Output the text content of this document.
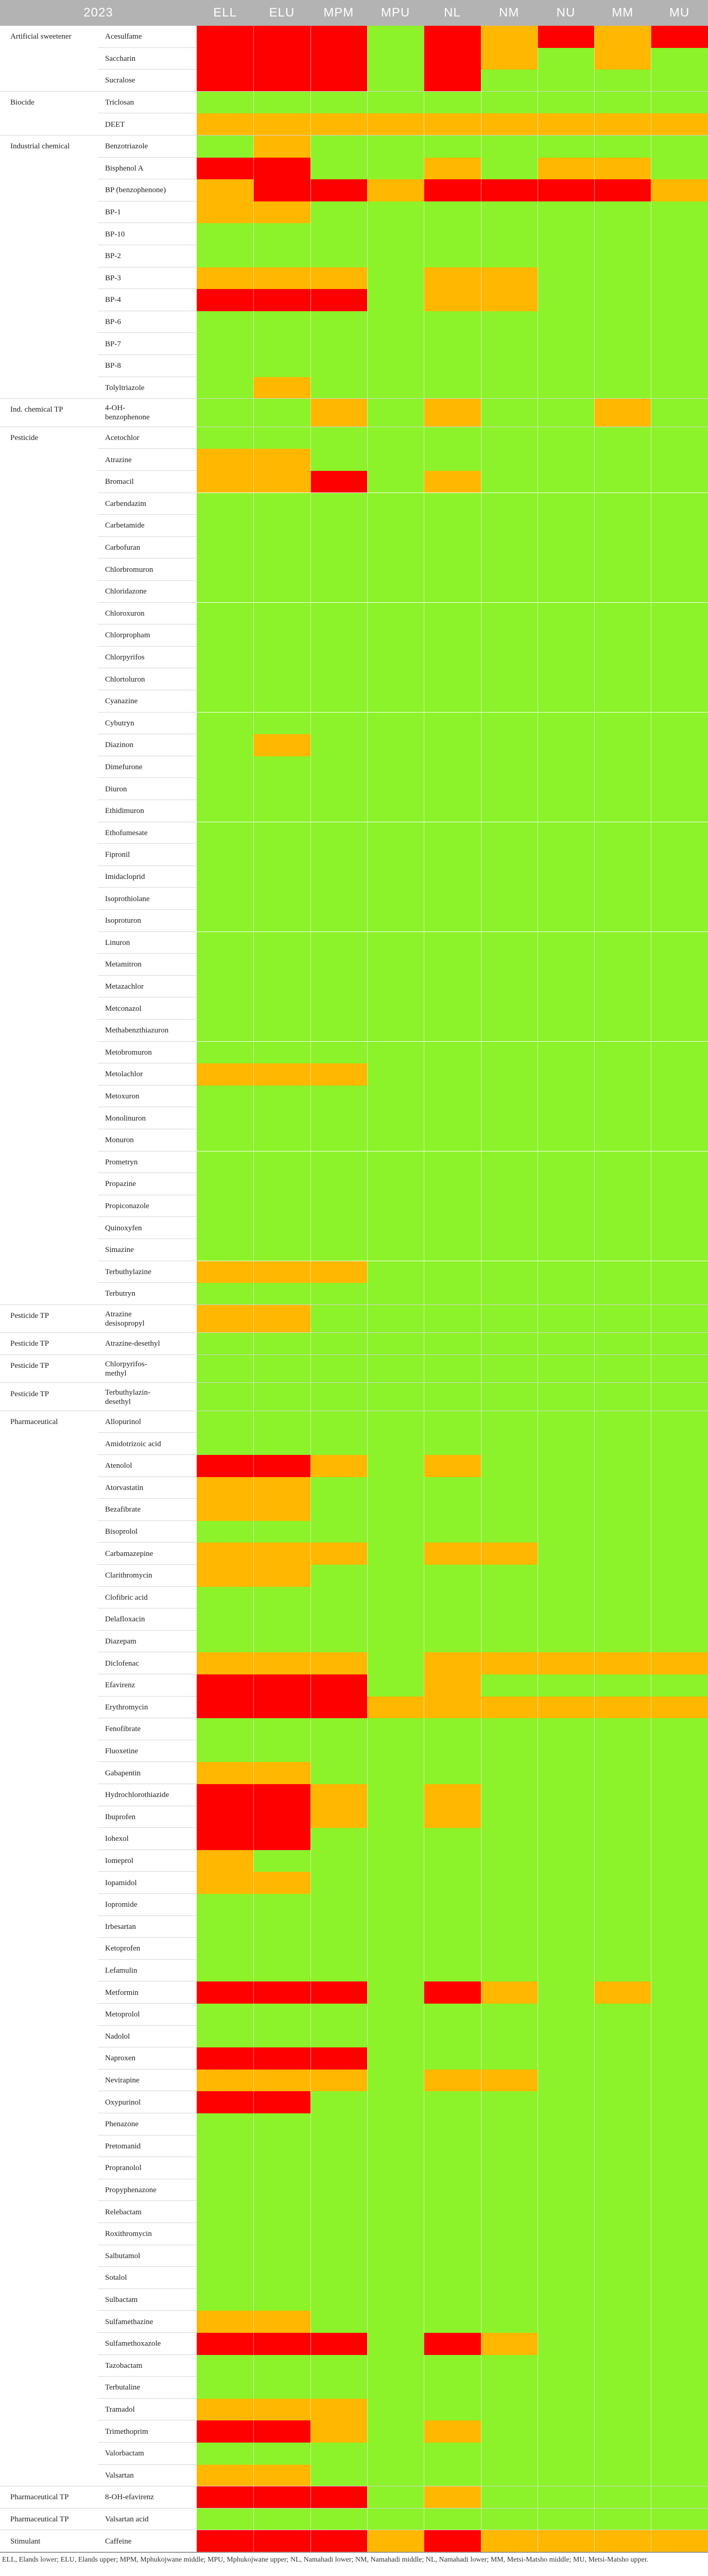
2023	ELL	ELU	MPM	MPU	NL	NM	NU	MM	MU
Artificial sweetener	Acesulfame
Saccharin
Sucralose
Biocide	Triclosan
DEET
Industrial chemical	Benzotriazole
Bisphenol A
BP (benzophenone)
BP-1
BP-10
BP-2
BP-3
BP-4
BP-6
BP-7
BP-8
Tolyltriazole
Ind. chemical TP	4-OH-
benzophenone
Pesticide	Acetochlor
Atrazine
Bromacil
Carbendazim
Carbetamide
Carbofuran
Chlorbromuron
Chloridazone
Chloroxuron
Chlorpropham
Chlorpyrifos
Chlortoluron
Cyanazine
Cybutryn
Diazinon
Dimefurone
Diuron
Ethidimuron
Ethofumesate
Fipronil
Imidacloprid
Isoprothiolane
Isoproturon
Linuron
Metamitron
Metazachlor
Metconazol
Methabenzthiazuron
Metobromuron
Metolachlor
Metoxuron
Monolinuron
Monuron
Prometryn
Propazine
Propiconazole
Quinoxyfen
Simazine
Terbuthylazine
Terbutryn
Pesticide TP	Atrazine
desisopropyl
Pesticide TP	Atrazine-desethyl
Pesticide TP	Chlorpyrifos-
methyl
Pesticide TP	Terbuthylazin-
desethyl
Pharmaceutical	Allopurinol
Amidotrizoic acid
Atenolol
Atorvastatin
Bezafibrate
Bisoprolol
Carbamazepine
Clarithromycin
Clofibric acid
Delafloxacin
Diazepam
Diclofenac
Efavirenz
Erythromycin
Fenofibrate
Fluoxetine
Gabapentin
Hydrochlorothiazide
Ibuprofen
Iohexol
Iomeprol
Iopamidol
Iopromide
Irbesartan
Ketoprofen
Lefamulin
Metformin
Metoprolol
Nadolol
Naproxen
Nevirapine
Oxypurinol
Phenazone
Pretomanid
Propranolol
Propyphenazone
Relebactam
Roxithromycin
Salbutamol
Sotalol
Sulbactam
Sulfamethazine
Sulfamethoxazole
Tazobactam
Terbutaline
Tramadol
Trimethoprim
Valorbactam
Valsartan
Pharmaceutical TP	8-OH-efavirenz
Pharmaceutical TP	Valsartan acid
Stimulant	Caffeine
ELL, Elands lower; ELU, Elands upper; MPM, Mphukojwane middle; MPU, Mphukojwane upper; NL, Namahadi lower; NM, Namahadi middle; NL, Namahadi lower; MM, Metsi-Matsho middle; MU, Metsi-Matsho upper.
